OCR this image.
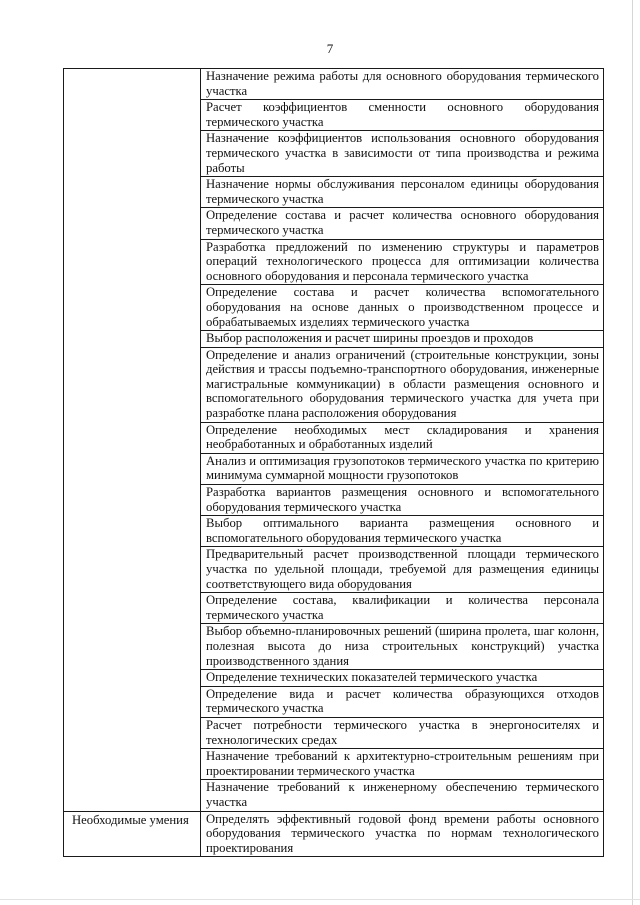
7
	Назначение режима работы для основного оборудования термического участка
	Расчет коэффициентов сменности основного оборудования термического участка
	Назначение коэффициентов использования основного оборудования термического участка в зависимости от типа производства и режима работы
	Назначение нормы обслуживания персоналом единицы оборудования термического участка
	Определение состава и расчет количества основного оборудования термического участка
	Разработка предложений по изменению структуры и параметров операций технологического процесса для оптимизации количества основного оборудования и персонала термического участка
	Определение состава и расчет количества вспомогательного оборудования на основе данных о производственном процессе и обрабатываемых изделиях термического участка
	Выбор расположения и расчет ширины проездов и проходов
	Определение и анализ ограничений (строительные конструкции, зоны действия и трассы подъемно-транспортного оборудования, инженерные магистральные коммуникации) в области размещения основного и вспомогательного оборудования термического участка для учета при разработке плана расположения оборудования
	Определение необходимых мест складирования и хранения необработанных и обработанных изделий
	Анализ и оптимизация грузопотоков термического участка по критерию минимума суммарной мощности грузопотоков
	Разработка вариантов размещения основного и вспомогательного оборудования термического участка
	Выбор оптимального варианта размещения основного и вспомогательного оборудования термического участка
	Предварительный расчет производственной площади термического участка по удельной площади, требуемой для размещения единицы соответствующего вида оборудования
	Определение состава, квалификации и количества персонала термического участка
	Выбор объемно-планировочных решений (ширина пролета, шаг колонн, полезная высота до низа строительных конструкций) участка производственного здания
	Определение технических показателей термического участка
	Определение вида и расчет количества образующихся отходов термического участка
	Расчет потребности термического участка в энергоносителях и технологических средах
	Назначение требований к архитектурно-строительным решениям при проектировании термического участка
	Назначение требований к инженерному обеспечению термического участка
Необходимые умения	Определять эффективный годовой фонд времени работы основного оборудования термического участка по нормам технологического проектирования
